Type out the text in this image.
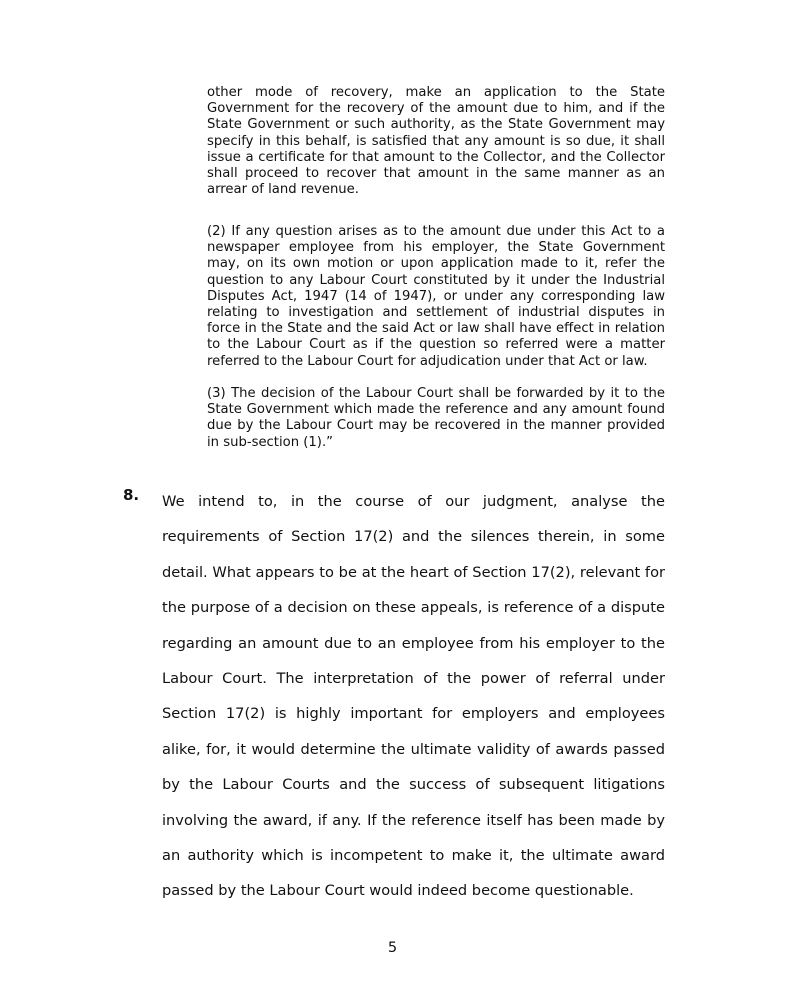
other mode of recovery, make an application to the State Government for the recovery of the amount due to him, and if the State Government or such authority, as the State Government may specify in this behalf, is satisfied that any amount is so due, it shall issue a certificate for that amount to the Collector, and the Collector shall proceed to recover that amount in the same manner as an arrear of land revenue.

(2) If any question arises as to the amount due under this Act to a newspaper employee from his employer, the State Government may, on its own motion or upon application made to it, refer the question to any Labour Court constituted by it under the Industrial Disputes Act, 1947 (14 of 1947), or under any corresponding law relating to investigation and settlement of industrial disputes in force in the State and the said Act or law shall have effect in relation to the Labour Court as if the question so referred were a matter referred to the Labour Court for adjudication under that Act or law.

(3) The decision of the Labour Court shall be forwarded by it to the State Government which made the reference and any amount found due by the Labour Court may be recovered in the manner provided in sub-section (1).”

8. We intend to, in the course of our judgment, analyse the requirements of Section 17(2) and the silences therein, in some detail. What appears to be at the heart of Section 17(2), relevant for the purpose of a decision on these appeals, is reference of a dispute regarding an amount due to an employee from his employer to the Labour Court. The interpretation of the power of referral under Section 17(2) is highly important for employers and employees alike, for, it would determine the ultimate validity of awards passed by the Labour Courts and the success of subsequent litigations involving the award, if any. If the reference itself has been made by an authority which is incompetent to make it, the ultimate award passed by the Labour Court would indeed become questionable.

5
